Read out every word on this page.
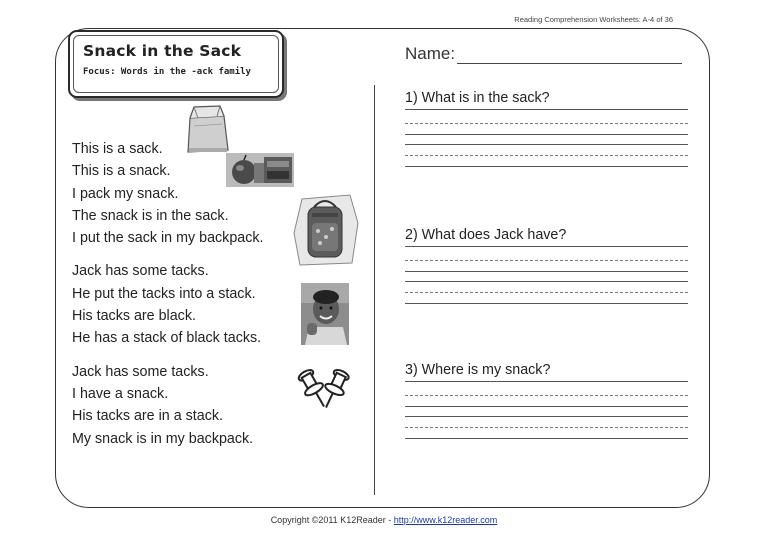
Reading Comprehension Worksheets: A-4 of 36
Snack in the Sack
Focus: Words in the -ack family
This is a sack.
This is a snack.
I pack my snack.
The snack is in the sack.
I put the sack in my backpack.
Jack has some tacks.
He put the tacks into a stack.
His tacks are black.
He has a stack of black tacks.
Jack has some tacks.
I have a snack.
His tacks are in a stack.
My snack is in my backpack.
Name:
1) What is in the sack?
2) What does Jack have?
3) Where is my snack?
Copyright ©2011 K12Reader - http://www.k12reader.com
